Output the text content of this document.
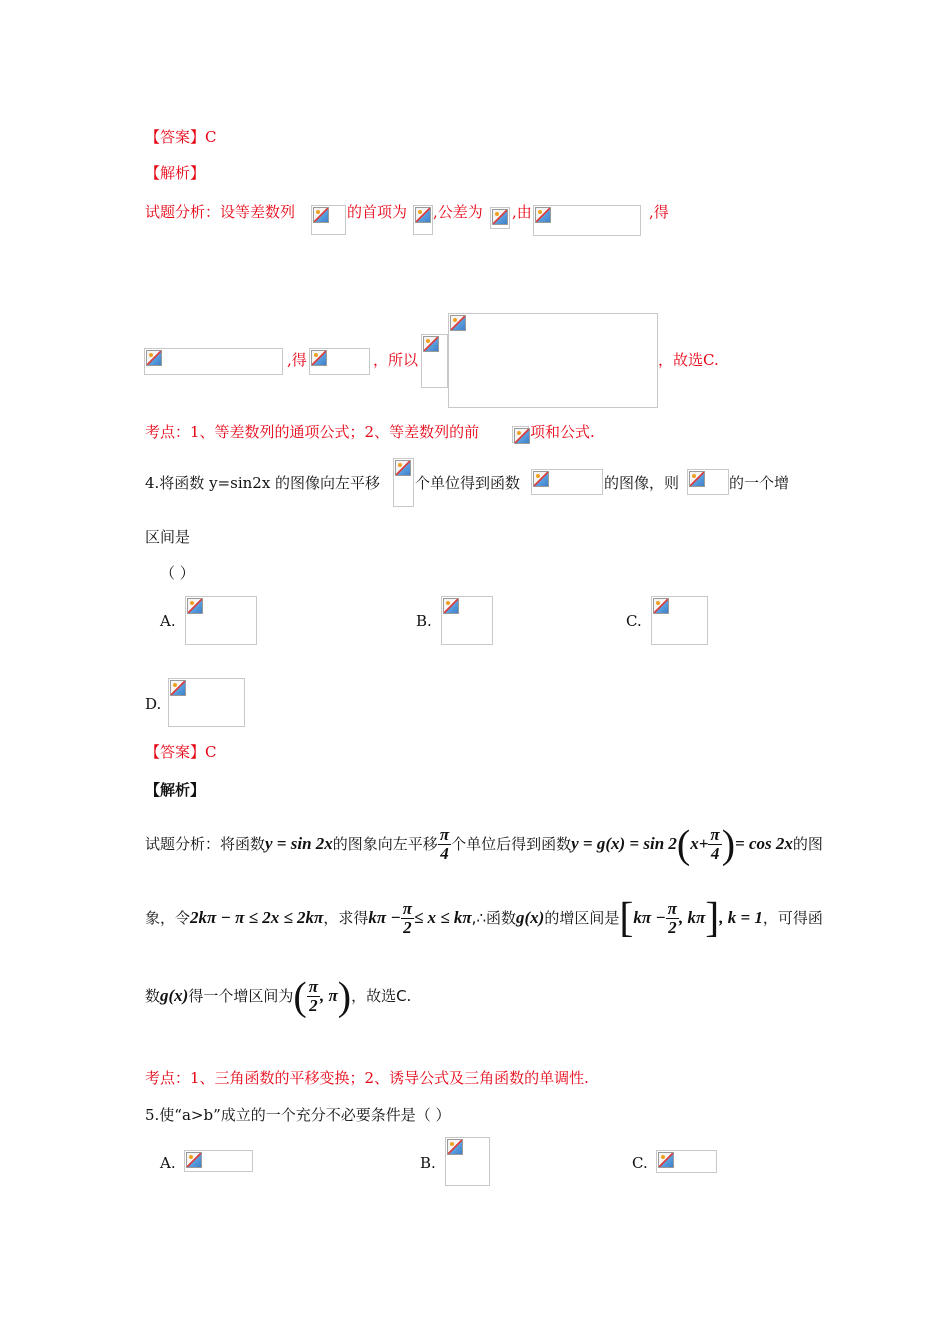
【答案】C
【解析】
试题分析：设等差数列	的首项为 ,公差为 ,由	,得
,得	，所以	，故选C.
考点：1、等差数列的通项公式；2、等差数列的前	项和公式.
4.将函数 y=sin2x 的图像向左平移 个单位得到函数	的图像，则	的一个增
区间是
（ ）
A.	B.	C.
D.
【答案】C
【解析】
试题分析：将函数y = sin 2x的图象向左平移 $\frac{\pi}{4}$ 个单位后得到函数$y = g(x) = \sin 2(x+ \frac{\pi}{4}$ )= cos 2x的图
象，令2kπ − π ≤ 2x ≤ 2kπ，求得$k\pi - \frac{\pi}{2} \le x$ ≤ kπ,∴函数g(x)的增区间是[$k\pi - \frac{\pi}{2}$ , kπ], k = 1，可得函
数g(x)得一个增区间为( $\frac{\pi}{2}$ , π)，故选C.
考点：1、三角函数的平移变换；2、诱导公式及三角函数的单调性.
5.使“a>b”成立的一个充分不必要条件是（ ）
A.	B.	C.
